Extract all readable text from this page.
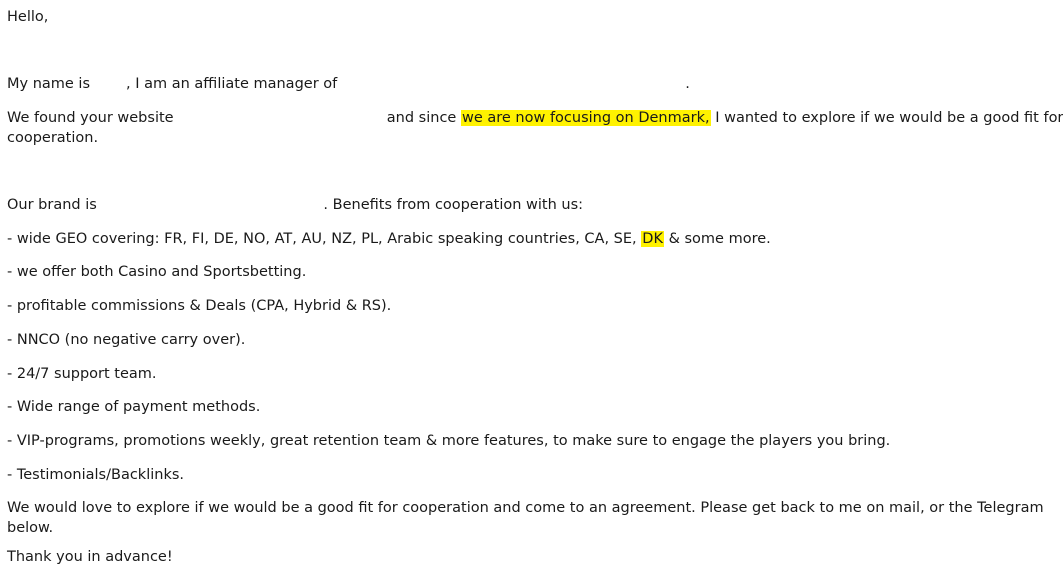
Hello,
My name is , I am an affiliate manager of	.
We found your website	and since we are now focusing on Denmark, I wanted to explore if we would be a good fit for
cooperation.
Our brand is	. Benefits from cooperation with us:
- wide GEO covering: FR, FI, DE, NO, AT, AU, NZ, PL, Arabic speaking countries, CA, SE, DK & some more.
- we offer both Casino and Sportsbetting.
- profitable commissions & Deals (CPA, Hybrid & RS).
- NNCO (no negative carry over).
- 24/7 support team.
- Wide range of payment methods.
- VIP-programs, promotions weekly, great retention team & more features, to make sure to engage the players you bring.
- Testimonials/Backlinks.
We would love to explore if we would be a good fit for cooperation and come to an agreement. Please get back to me on mail, or the Telegram
below.
Thank you in advance!
